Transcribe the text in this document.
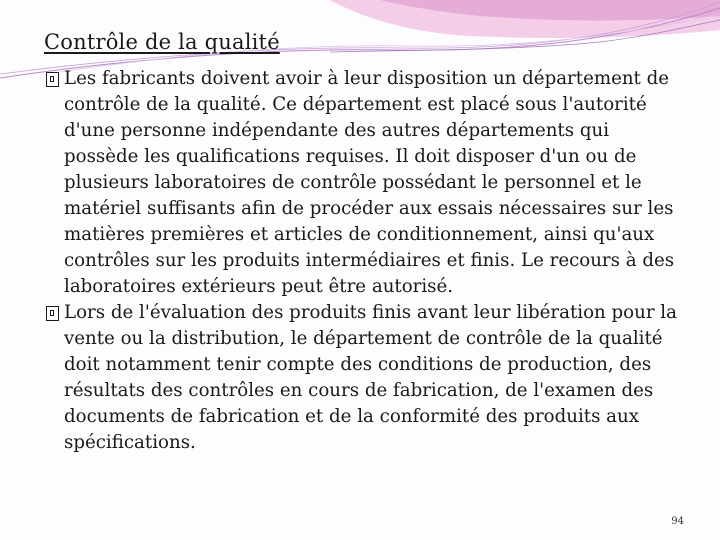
Contrôle de la qualité

Les fabricants doivent avoir à leur disposition un département de contrôle de la qualité. Ce département est placé sous l'autorité d'une personne indépendante des autres départements qui possède les qualifications requises. Il doit disposer d'un ou de plusieurs laboratoires de contrôle possédant le personnel et le matériel suffisants afin de procéder aux essais nécessaires sur les matières premières et articles de conditionnement, ainsi qu'aux contrôles sur les produits intermédiaires et finis. Le recours à des laboratoires extérieurs peut être autorisé.

Lors de l'évaluation des produits finis avant leur libération pour la vente ou la distribution, le département de contrôle de la qualité doit notamment tenir compte des conditions de production, des résultats des contrôles en cours de fabrication, de l'examen des documents de fabrication et de la conformité des produits aux spécifications.

94
